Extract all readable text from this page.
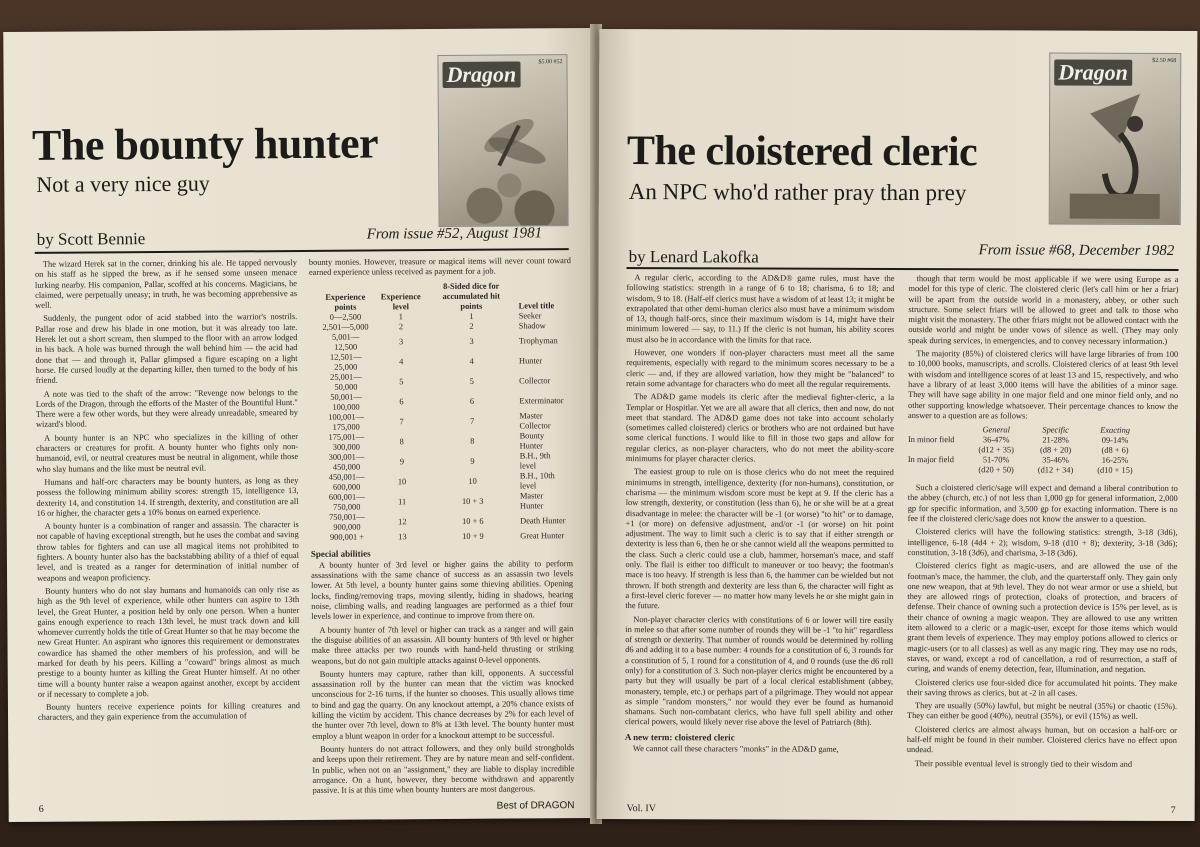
Dragon	$5.00 #52
The bounty hunter
Not a very nice guy
by Scott Bennie	From issue #52, August 1981

The wizard Herek sat in the corner, drinking his ale. He tapped nervously on his staff as he sipped the brew, as if he sensed some unseen menace lurking nearby. His companion, Pallar, scoffed at his concerns. Magicians, he claimed, were perpetually uneasy; in truth, he was becoming apprehensive as well.

Suddenly, the pungent odor of acid stabbed into the warrior's nostrils. Pallar rose and drew his blade in one motion, but it was already too late. Herek let out a short scream, then slumped to the floor with an arrow lodged in his back. A hole was burned through the wall behind him — the acid had done that — and through it, Pallar glimpsed a figure escaping on a light horse. He cursed loudly at the departing killer, then turned to the body of his friend.

A note was tied to the shaft of the arrow: "Revenge now belongs to the Lords of the Dragon, through the efforts of the Master of the Bountiful Hunt." There were a few other words, but they were already unreadable, smeared by wizard's blood.

A bounty hunter is an NPC who specializes in the killing of other characters or creatures for profit. A bounty hunter who fights only non-humanoid, evil, or neutral creatures must be neutral in alignment, while those who slay humans and the like must be neutral evil.

Humans and half-orc characters may be bounty hunters, as long as they possess the following minimum ability scores: strength 15, intelligence 13, dexterity 14, and constitution 14. If strength, dexterity, and constitution are all 16 or higher, the character gets a 10% bonus on earned experience.

A bounty hunter is a combination of ranger and assassin. The character is not capable of having exceptional strength, but he uses the combat and saving throw tables for fighters and can use all magical items not prohibited to fighters. A bounty hunter also has the backstabbing ability of a thief of equal level, and is treated as a ranger for determination of initial number of weapons and weapon proficiency.

Bounty hunters who do not slay humans and humanoids can only rise as high as the 9th level of experience, while other hunters can aspire to 13th level, the Great Hunter, a position held by only one person. When a hunter gains enough experience to reach 13th level, he must track down and kill whomever currently holds the title of Great Hunter so that he may become the new Great Hunter. An aspirant who ignores this requirement or demonstrates cowardice has shamed the other members of his profession, and will be marked for death by his peers. Killing a "coward" brings almost as much prestige to a bounty hunter as killing the Great Hunter himself. At no other time will a bounty hunter raise a weapon against another, except by accident or if necessary to complete a job.

Bounty hunters receive experience points for killing creatures and characters, and they gain experience from the accumulation of

bounty monies. However, treasure or magical items will never count toward earned experience unless received as payment for a job.

Experience points	Experience level	8-Sided dice for accumulated hit points	Level title
0—2,500	1	1	Seeker
2,501—5,000	2	2	Shadow
5,001—12,500	3	3	Trophyman
12,501—25,000	4	4	Hunter
25,001—50,000	5	5	Collector
50,001—100,000	6	6	Exterminator
100,001—175,000	7	7	Master Collector
175,001—300,000	8	8	Bounty Hunter
300,001—450,000	9	9	B.H., 9th level
450,001—600,000	10	10	B.H., 10th level
600,001—750,000	11	10 + 3	Master Hunter
750,001—900,000	12	10 + 6	Death Hunter
900,001 +	13	10 + 9	Great Hunter
Special abilities

A bounty hunter of 3rd level or higher gains the ability to perform assassinations with the same chance of success as an assassin two levels lower. At 5th level, a bounty hunter gains some thieving abilities. Opening locks, finding/removing traps, moving silently, hiding in shadows, hearing noise, climbing walls, and reading languages are performed as a thief four levels lower in experience, and continue to improve from there on.

A bounty hunter of 7th level or higher can track as a ranger and will gain the disguise abilities of an assassin. All bounty hunters of 9th level or higher make three attacks per two rounds with hand-held thrusting or striking weapons, but do not gain multiple attacks against 0-level opponents.

Bounty hunters may capture, rather than kill, opponents. A successful assassination roll by the hunter can mean that the victim was knocked unconscious for 2-16 turns, if the hunter so chooses. This usually allows time to bind and gag the quarry. On any knockout attempt, a 20% chance exists of killing the victim by accident. This chance decreases by 2% for each level of the hunter over 7th level, down to 8% at 13th level. The bounty hunter must employ a blunt weapon in order for a knockout attempt to be successful.

Bounty hunters do not attract followers, and they only build strongholds and keeps upon their retirement. They are by nature mean and self-confident. In public, when not on an "assignment," they are liable to display incredible arrogance. On a hunt, however, they become withdrawn and apparently passive. It is at this time when bounty hunters are most dangerous.

6	Best of DRAGON
Dragon	$2.50 #68
The cloistered cleric
An NPC who'd rather pray than prey
by Lenard Lakofka	From issue #68, December 1982

A regular cleric, according to the AD&D® game rules, must have the following statistics: strength in a range of 6 to 18; charisma, 6 to 18; and wisdom, 9 to 18. (Half-elf clerics must have a wisdom of at least 13; it might be extrapolated that other demi-human clerics also must have a minimum wisdom of 13, though half-orcs, since their maximum wisdom is 14, might have their minimum lowered — say, to 11.) If the cleric is not human, his ability scores must also be in accordance with the limits for that race.

However, one wonders if non-player characters must meet all the same requirements, especially with regard to the minimum scores necessary to be a cleric — and, if they are allowed variation, how they might be "balanced" to retain some advantage for characters who do meet all the regular requirements.

The AD&D game models its cleric after the medieval fighter-cleric, a la Templar or Hospitlar. Yet we are all aware that all clerics, then and now, do not meet that standard. The AD&D game does not take into account scholarly (sometimes called cloistered) clerics or brothers who are not ordained but have some clerical functions. I would like to fill in those two gaps and allow for regular clerics, as non-player characters, who do not meet the ability-score minimums for player character clerics.

The easiest group to rule on is those clerics who do not meet the required minimums in strength, intelligence, dexterity (for non-humans), constitution, or charisma — the minimum wisdom score must be kept at 9. If the cleric has a low strength, dexterity, or constitution (less than 6), he or she will be at a great disadvantage in melee: the character will be -1 (or worse) "to hit" or to damage, +1 (or more) on defensive adjustment, and/or -1 (or worse) on hit point adjustment. The way to limit such a cleric is to say that if either strength or dexterity is less than 6, then he or she cannot wield all the weapons permitted to the class. Such a cleric could use a club, hammer, horseman's mace, and staff only. The flail is either too difficult to maneuver or too heavy; the footman's mace is too heavy. If strength is less than 6, the hammer can be wielded but not thrown. If both strength and dexterity are less than 6, the character will fight as a first-level cleric forever — no matter how many levels he or she might gain in the future.

Non-player character clerics with constitutions of 6 or lower will tire easily in melee so that after some number of rounds they will be -1 "to hit" regardless of strength or dexterity. That number of rounds would be determined by rolling d6 and adding it to a base number: 4 rounds for a constitution of 6, 3 rounds for a constitution of 5, 1 round for a constitution of 4, and 0 rounds (use the d6 roll only) for a constitution of 3. Such non-player clerics might be encountered by a party but they will usually be part of a local clerical establishment (abbey, monastery, temple, etc.) or perhaps part of a pilgrimage. They would not appear as simple "random monsters," nor would they ever be found as humanoid shamans. Such non-combatant clerics, who have full spell ability and other clerical powers, would likely never rise above the level of Patriarch (8th).

A new term: cloistered cleric

We cannot call these characters "monks" in the AD&D game,

though that term would be most applicable if we were using Europe as a model for this type of cleric. The cloistered cleric (let's call him or her a friar) will be apart from the outside world in a monastery, abbey, or other such structure. Some select friars will be allowed to greet and talk to those who might visit the monastery. The other friars might not be allowed contact with the outside world and might be under vows of silence as well. (They may only speak during services, in emergencies, and to convey necessary information.)

The majority (85%) of cloistered clerics will have large libraries of from 100 to 10,000 books, manuscripts, and scrolls. Cloistered clerics of at least 9th level with wisdom and intelligence scores of at least 13 and 15, respectively, and who have a library of at least 3,000 items will have the abilities of a minor sage. They will have sage ability in one major field and one minor field only, and no other supporting knowledge whatsoever. Their percentage chances to know the answer to a question are as follows:

	General	Specific	Exacting
In minor field	36-47%	21-28%	09-14%
	(d12 + 35)	(d8 + 20)	(d8 + 6)
In major field	51-70%	35-46%	16-25%
	(d20 + 50)	(d12 + 34)	(d10 + 15)

Such a cloistered cleric/sage will expect and demand a liberal contribution to the abbey (church, etc.) of not less than 1,000 gp for general information, 2,000 gp for specific information, and 3,500 gp for exacting information. There is no fee if the cloistered cleric/sage does not know the answer to a question.

Cloistered clerics will have the following statistics: strength, 3-18 (3d6), intelligence, 6-18 (4d4 + 2); wisdom, 9-18 (d10 + 8); dexterity, 3-18 (3d6); constitution, 3-18 (3d6), and charisma, 3-18 (3d6).

Cloistered clerics fight as magic-users, and are allowed the use of the footman's mace, the hammer, the club, and the quarterstaff only. They gain only one new weapon, that at 9th level. They do not wear armor or use a shield, but they are allowed rings of protection, cloaks of protection, and bracers of defense. Their chance of owning such a protection device is 15% per level, as is their chance of owning a magic weapon. They are allowed to use any written item allowed to a cleric or a magic-user, except for those items which would grant them levels of experience. They may employ potions allowed to clerics or magic-users (or to all classes) as well as any magic ring. They may use no rods, staves, or wand, except a rod of cancellation, a rod of resurrection, a staff of curing, and wands of enemy detection, fear, illumination, and negation.

Cloistered clerics use four-sided dice for accumulated hit points. They make their saving throws as clerics, but at -2 in all cases.

They are usually (50%) lawful, but might be neutral (35%) or chaotic (15%). They can either be good (40%), neutral (35%), or evil (15%) as well.

Cloistered clerics are almost always human, but on occasion a half-orc or half-elf might be found in their number. Cloistered clerics have no effect upon undead.

Their possible eventual level is strongly tied to their wisdom and

Vol. IV	7
